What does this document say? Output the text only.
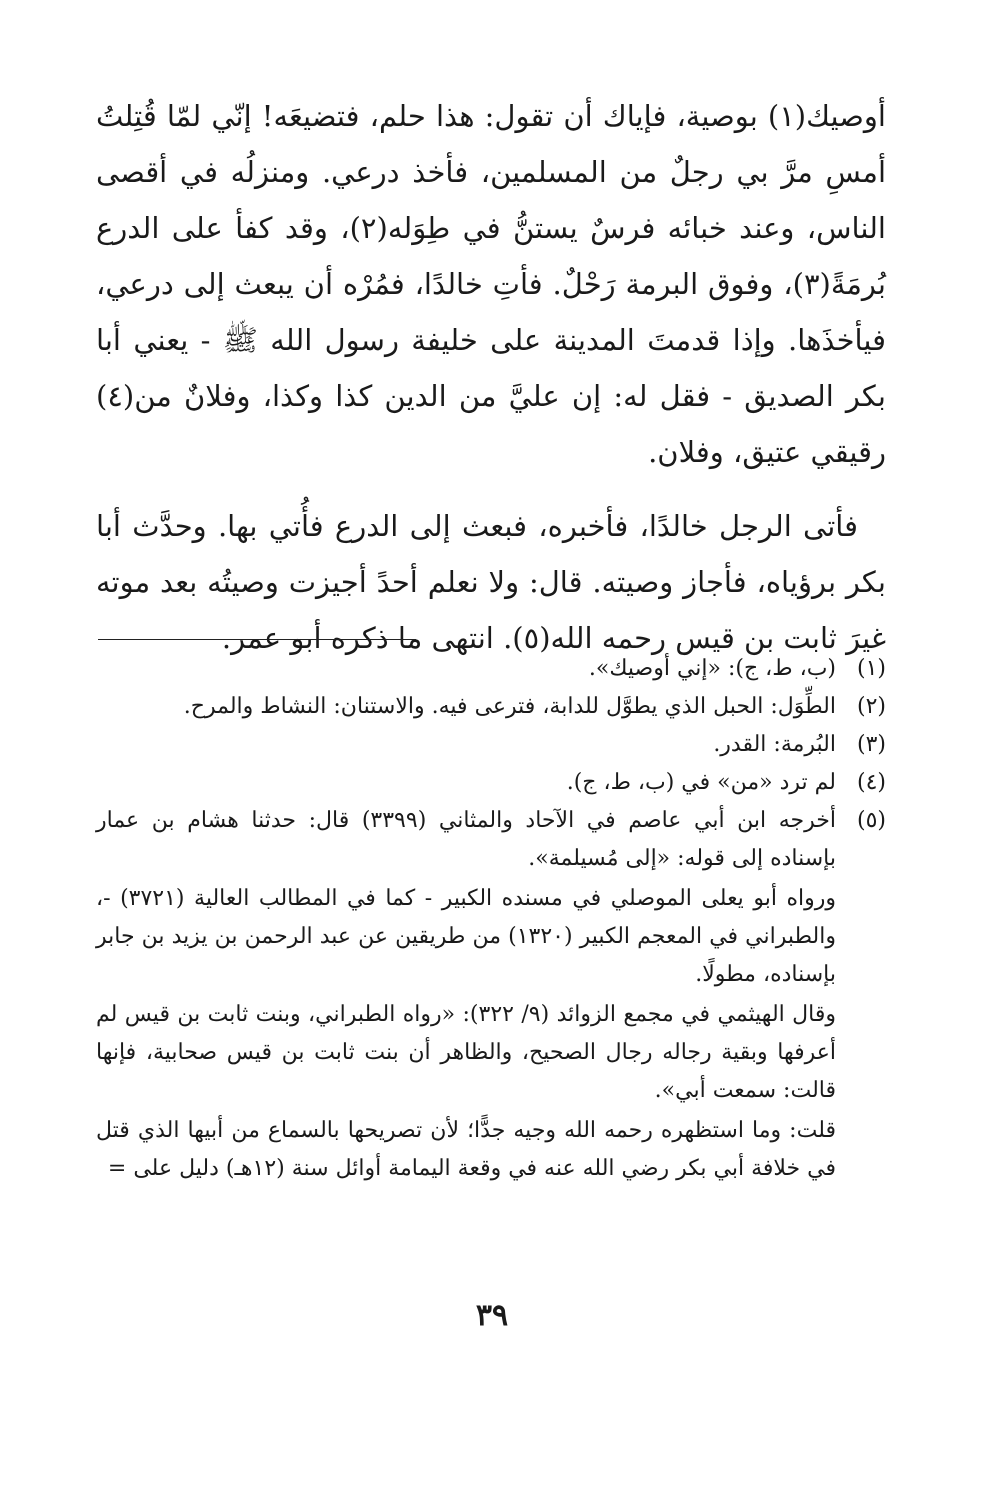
أوصيك(١) بوصية، فإياك أن تقول: هذا حلم، فتضيعَه! إنّي لمّا قُتِلتُ أمسِ مرَّ بي رجلٌ من المسلمين، فأخذ درعي. ومنزلُه في أقصى الناس، وعند خبائه فرسٌ يستنُّ في طِوَله(٢)، وقد كفأ على الدرع بُرمَةً(٣)، وفوق البرمة رَحْلٌ. فأتِ خالدًا، فمُرْه أن يبعث إلى درعي، فيأخذَها. وإذا قدمتَ المدينة على خليفة رسول الله ﷺ - يعني أبا بكر الصديق - فقل له: إن عليَّ من الدين كذا وكذا، وفلانٌ من(٤) رقيقي عتيق، وفلان.

فأتى الرجل خالدًا، فأخبره، فبعث إلى الدرع فأُتي بها. وحدَّث أبا بكر برؤياه، فأجاز وصيته. قال: ولا نعلم أحدً أجيزت وصيتُه بعد موته غيرَ ثابت بن قيس رحمه الله(٥). انتهى ما ذكره أبو عمر.

(١)
(ب، ط، ج): «إني أوصيك».
(٢)
الطِّوَل: الحبل الذي يطوَّل للدابة، فترعى فيه. والاستنان: النشاط والمرح.
(٣)
البُرمة: القدر.
(٤)
لم ترد «من» في (ب، ط، ج).
(٥)
أخرجه ابن أبي عاصم في الآحاد والمثاني (٣٣٩٩) قال: حدثنا هشام بن عمار بإسناده إلى قوله: «إلى مُسيلمة».
ورواه أبو يعلى الموصلي في مسنده الكبير - كما في المطالب العالية (٣٧٢١) -، والطبراني في المعجم الكبير (١٣٢٠) من طريقين عن عبد الرحمن بن يزيد بن جابر بإسناده، مطولًا.
وقال الهيثمي في مجمع الزوائد (٩/ ٣٢٢): «رواه الطبراني، وبنت ثابت بن قيس لم أعرفها وبقية رجاله رجال الصحيح، والظاهر أن بنت ثابت بن قيس صحابية، فإنها قالت: سمعت أبي».
قلت: وما استظهره رحمه الله وجيه جدًّا؛ لأن تصريحها بالسماع من أبيها الذي قتل في خلافة أبي بكر رضي الله عنه في وقعة اليمامة أوائل سنة (١٢هـ) دليل على =
٣٩
